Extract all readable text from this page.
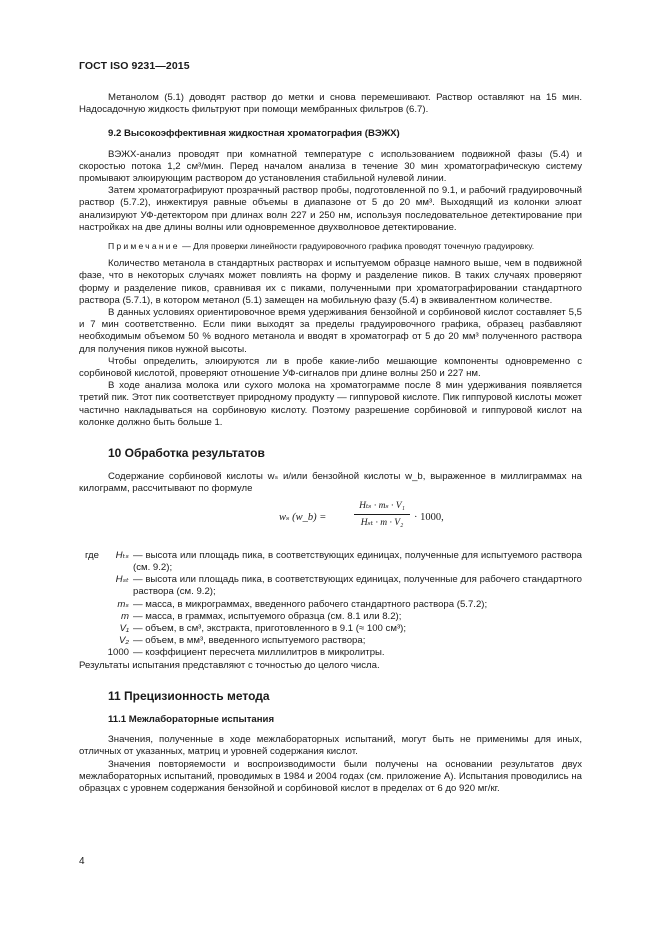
ГОСТ ISO 9231—2015

Метанолом (5.1) доводят раствор до метки и снова перемешивают. Раствор оставляют на 15 мин. Надосадочную жидкость фильтруют при помощи мембранных фильтров (6.7).

9.2 Высокоэффективная жидкостная хроматография (ВЭЖХ)

ВЭЖХ-анализ проводят при комнатной температуре с использованием подвижной фазы (5.4) и скоростью потока 1,2 см³/мин. Перед началом анализа в течение 30 мин хроматографическую систему промывают элюирующим раствором до установления стабильной нулевой линии.

Затем хроматографируют прозрачный раствор пробы, подготовленной по 9.1, и рабочий градуировочный раствор (5.7.2), инжектируя равные объемы в диапазоне от 5 до 20 мм³. Выходящий из колонки элюат анализируют УФ-детектором при длинах волн 227 и 250 нм, используя последовательное детектирование при настройках на две длины волны или одновременное двухволновое детектирование.

Примечание — Для проверки линейности градуировочного графика проводят точечную градуировку.

Количество метанола в стандартных растворах и испытуемом образце намного выше, чем в подвижной фазе, что в некоторых случаях может повлиять на форму и разделение пиков. В таких случаях проверяют форму и разделение пиков, сравнивая их с пиками, полученными при хроматографировании стандартного раствора (5.7.1), в котором метанол (5.1) замещен на мобильную фазу (5.4) в эквивалентном количестве.

В данных условиях ориентировочное время удерживания бензойной и сорбиновой кислот составляет 5,5 и 7 мин соответственно. Если пики выходят за пределы градуировочного графика, образец разбавляют необходимым объемом 50 % водного метанола и вводят в хроматограф от 5 до 20 мм³ полученного раствора для получения пиков нужной высоты.

Чтобы определить, элюируются ли в пробе какие-либо мешающие компоненты одновременно с сорбиновой кислотой, проверяют отношение УФ-сигналов при длине волны 250 и 227 нм.

В ходе анализа молока или сухого молока на хроматограмме после 8 мин удерживания появляется третий пик. Этот пик соответствует природному продукту — гиппуровой кислоте. Пик гиппуровой кислоты может частично накладываться на сорбиновую кислоту. Поэтому разрешение сорбиновой и гиппуровой кислот на колонке должно быть больше 1.

10 Обработка результатов

Содержание сорбиновой кислоты wₛ и/или бензойной кислоты w_b, выраженное в миллиграммах на килограмм, рассчитывают по формуле

wₛ (w_b) =
Hₜₛ · mₛ · V₁
Hₛₜ · m · V₂
· 1000,
где	Hₜₛ — высота или площадь пика, в соответствующих единицах, полученные для испытуемого раствора (см. 9.2);
Hₛₜ — высота или площадь пика, в соответствующих единицах, полученные для рабочего стандартного раствора (см. 9.2);
mₛ — масса, в микрограммах, введенного рабочего стандартного раствора (5.7.2);
m — масса, в граммах, испытуемого образца (см. 8.1 или 8.2);
V₁ — объем, в см³, экстракта, приготовленного в 9.1 (≈ 100 см³);
V₂ — объем, в мм³, введенного испытуемого раствора;
1000 — коэффициент пересчета миллилитров в микролитры.

Результаты испытания представляют с точностью до целого числа.

11 Прецизионность метода
11.1 Межлабораторные испытания

Значения, полученные в ходе межлабораторных испытаний, могут быть не применимы для иных, отличных от указанных, матриц и уровней содержания кислот.

Значения повторяемости и воспроизводимости были получены на основании результатов двух межлабораторных испытаний, проводимых в 1984 и 2004 годах (см. приложение А). Испытания проводились на образцах с уровнем содержания бензойной и сорбиновой кислот в пределах от 6 до 920 мг/кг.

4
